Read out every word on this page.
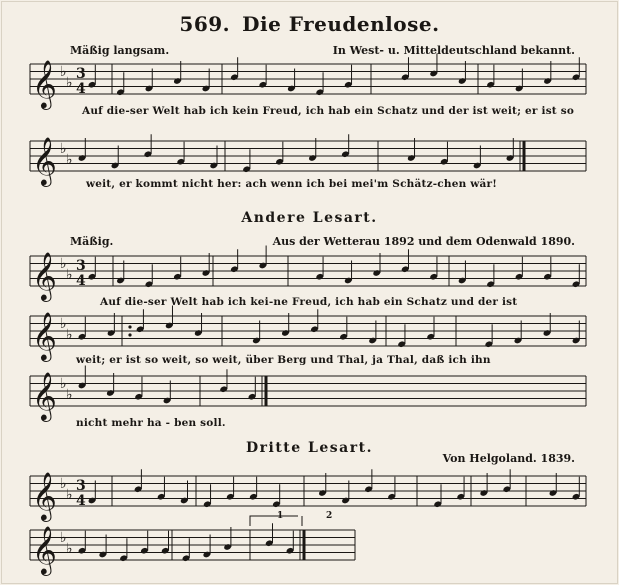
569. Die Freudenlose.
Mäßig langsam.	In West- u. Mitteldeutschland bekannt.
Andere Lesart.
Mäßig.	Aus der Wetterau 1892 und dem Odenwald 1890.
Dritte Lesart.
Von Helgoland. 1839.
Auf die-ser Welt hab ich kein Freud, ich hab ein Schatz und der ist weit; er ist so
weit, er kommt nicht her: ach wenn ich bei mei'm Schätz-chen wär!
Auf die-ser Welt hab ich kei-ne Freud, ich hab ein Schatz und der ist
weit; er ist so weit, so weit, über Berg und Thal, ja Thal, daß ich ihn
nicht mehr ha - ben soll.
𝄞 ♭
♭
3
4
𝄞 ♭
♭
𝄞 ♭
♭
3
4
𝄞 ♭
♭
𝄞 ♭
♭
𝄞 ♭
♭
3
4
𝄞 ♭
♭
1	2
